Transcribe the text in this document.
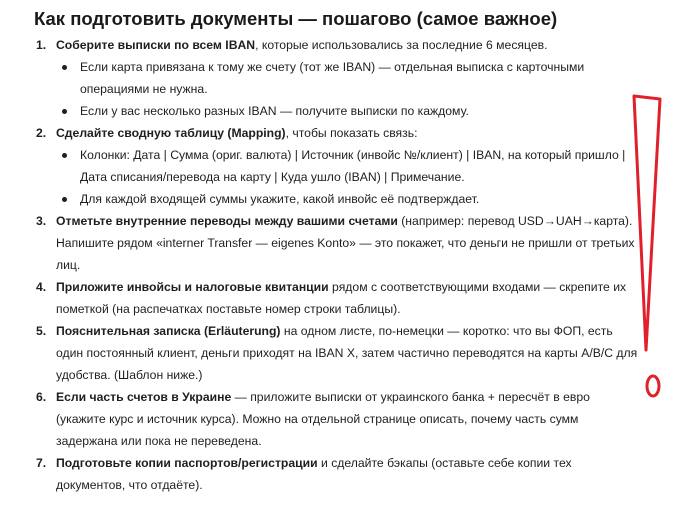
Как подготовить документы — пошагово (самое важное)
1. Соберите выписки по всем IBAN, которые использовались за последние 6 месяцев.
Если карта привязана к тому же счету (тот же IBAN) — отдельная выписка с карточными операциями не нужна.
Если у вас несколько разных IBAN — получите выписки по каждому.
2. Сделайте сводную таблицу (Mapping), чтобы показать связь:
Колонки: Дата | Сумма (ориг. валюта) | Источник (инвойс №/клиент) | IBAN, на который пришло | Дата списания/перевода на карту | Куда ушло (IBAN) | Примечание.
Для каждой входящей суммы укажите, какой инвойс её подтверждает.
3. Отметьте внутренние переводы между вашими счетами (например: перевод USD→UAH→карта). Напишите рядом «interner Transfer — eigenes Konto» — это покажет, что деньги не пришли от третьих лиц.
4. Приложите инвойсы и налоговые квитанции рядом с соответствующими входами — скрепите их пометкой (на распечатках поставьте номер строки таблицы).
5. Пояснительная записка (Erläuterung) на одном листе, по-немецки — коротко: что вы ФОП, есть один постоянный клиент, деньги приходят на IBAN X, затем частично переводятся на карты A/B/C для удобства. (Шаблон ниже.)
6. Если часть счетов в Украине — приложите выписки от украинского банка + пересчёт в евро (укажите курс и источник курса). Можно на отдельной странице описать, почему часть сумм задержана или пока не переведена.
7. Подготовьте копии паспортов/регистрации и сделайте бэкапы (оставьте себе копии тех документов, что отдаёте).
